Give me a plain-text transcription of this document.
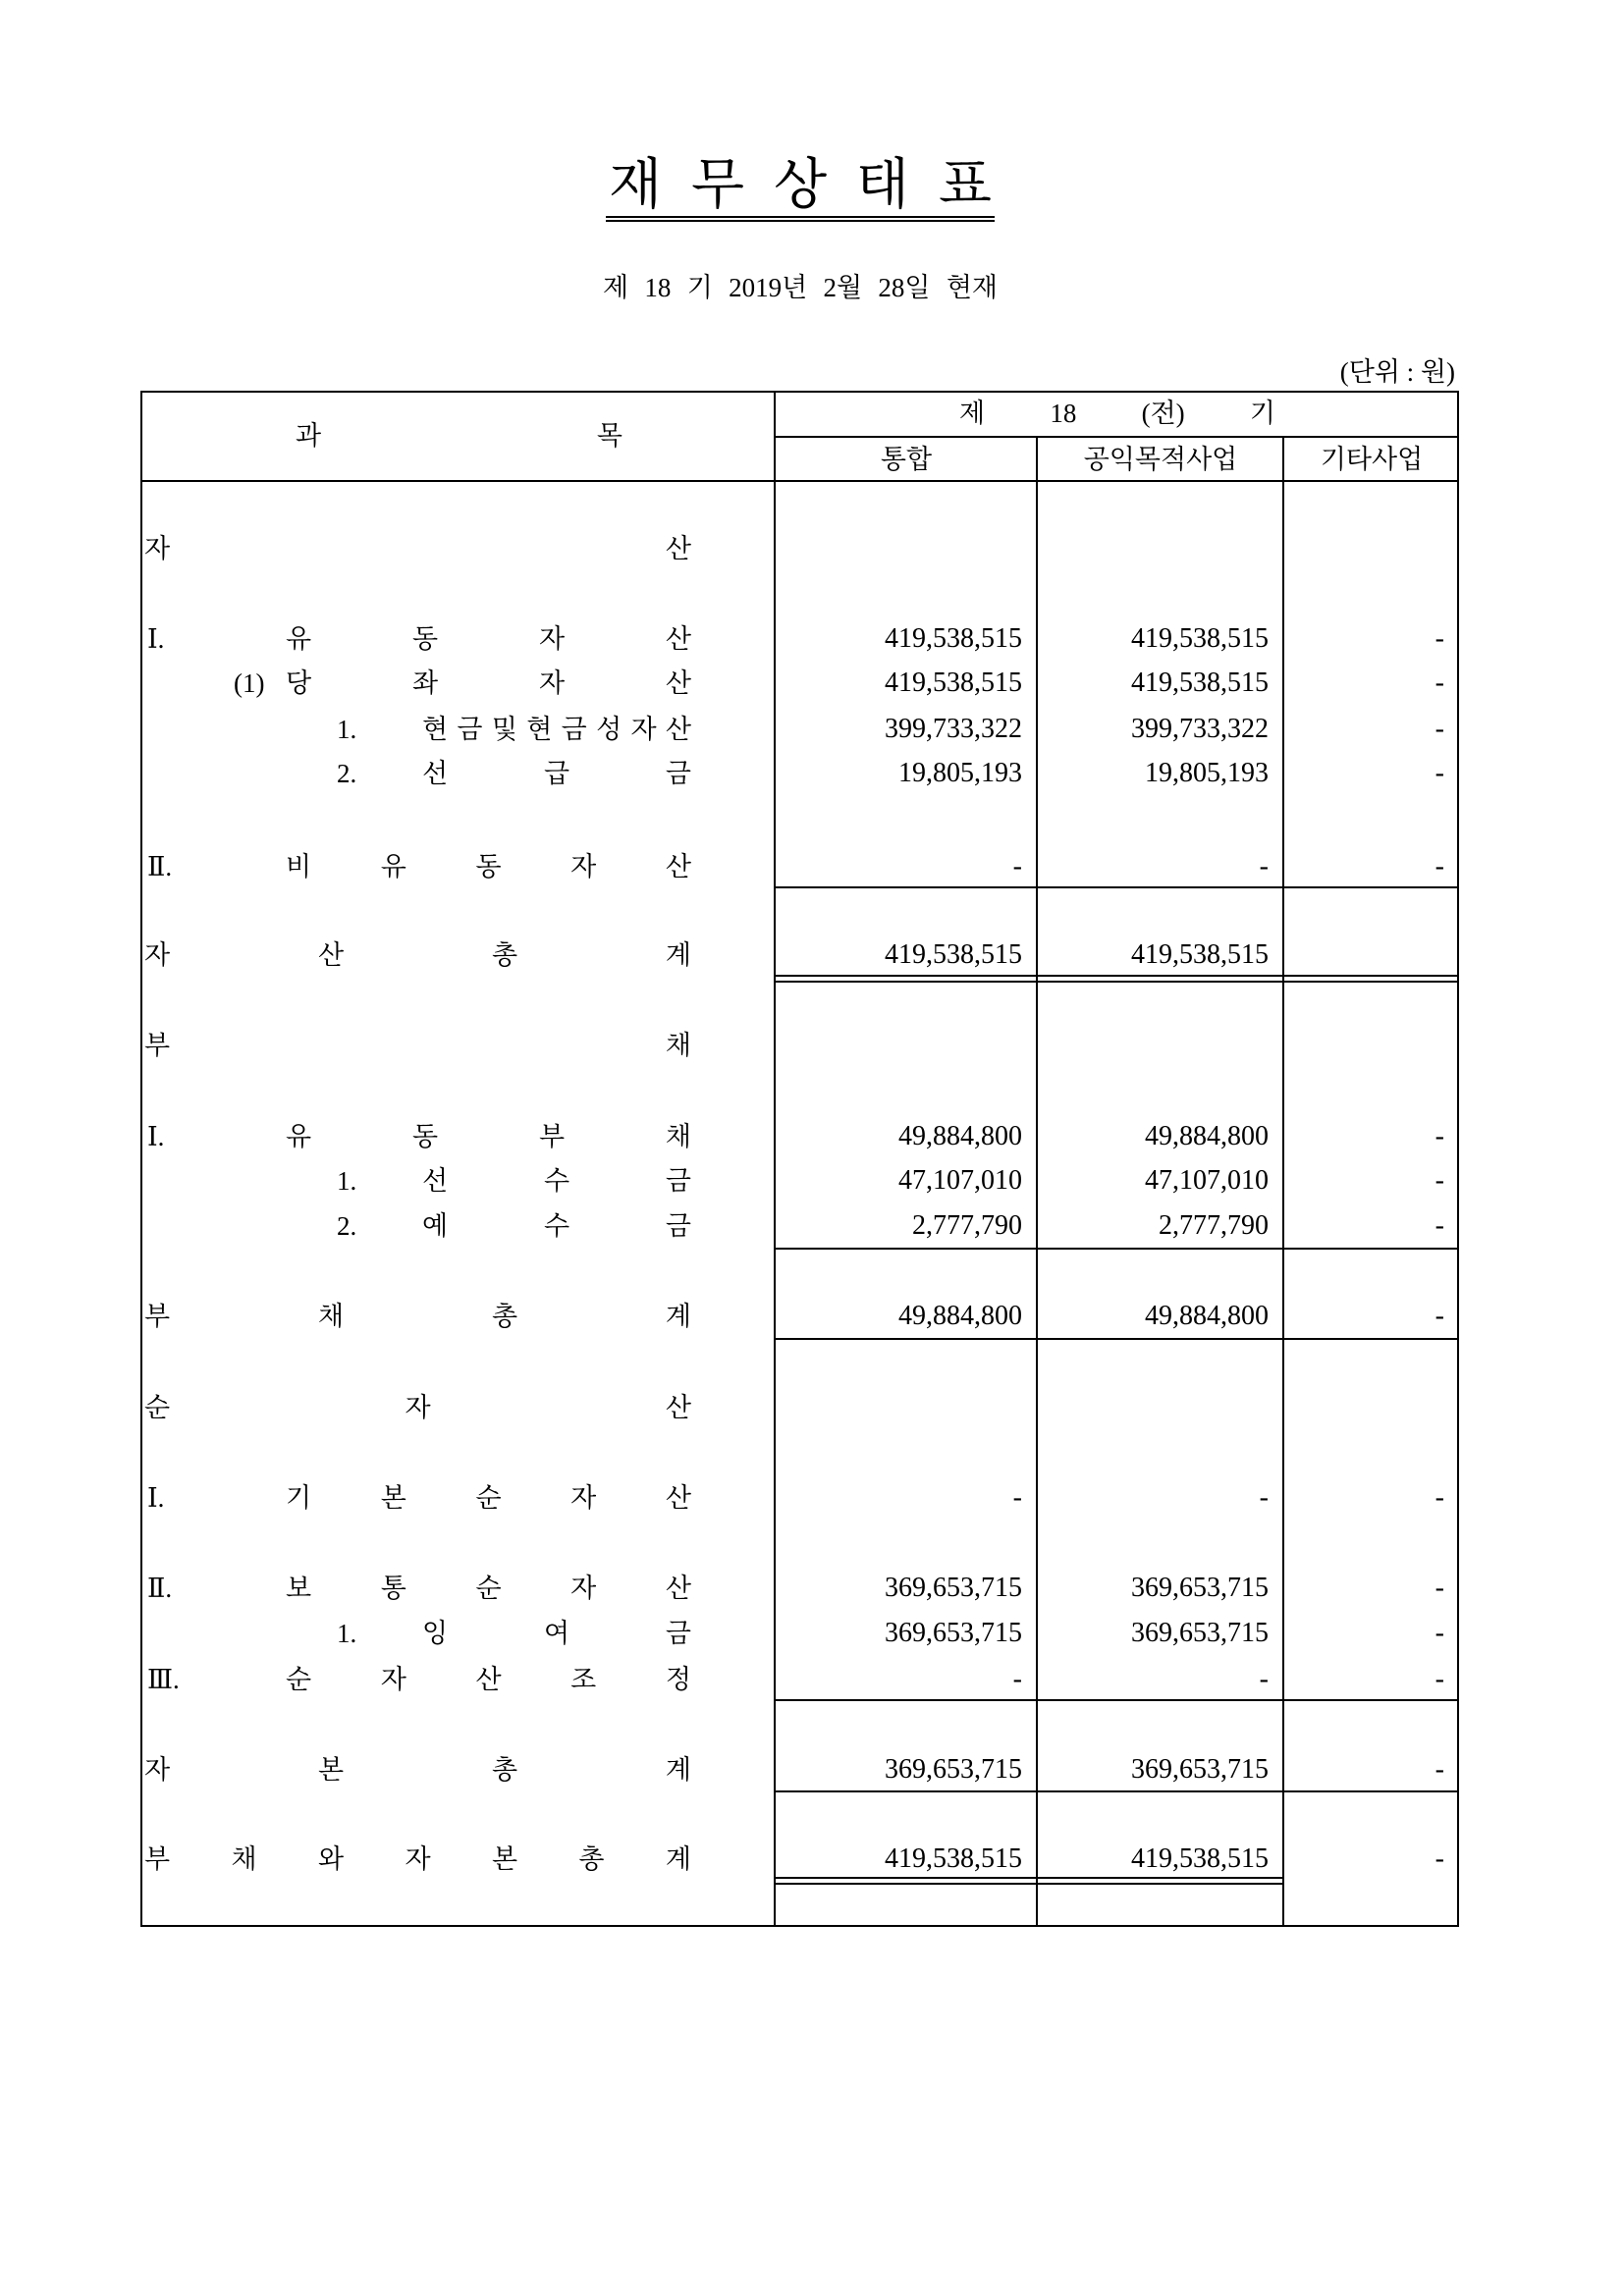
재 무 상 태 표
제 18 기 2019년 2월 28일 현재
(단위 : 원)
과 목
제 18 (전) 기
통합	공익목적사업	기타사업
자 산
Ⅰ.	유 동 자 산	419,538,515	419,538,515	-
(1) 당 좌 자 산	419,538,515	419,538,515	-
1. 현금및현금성자산	399,733,322	399,733,322	-
2. 선 급 금	19,805,193	19,805,193	-
Ⅱ.	비 유 동 자 산	-	-	-
자 산 총 계	419,538,515	419,538,515
부 채
Ⅰ.	유 동 부 채	49,884,800	49,884,800	-
1. 선 수 금	47,107,010	47,107,010	-
2. 예 수 금	2,777,790	2,777,790	-
부 채 총 계	49,884,800	49,884,800	-
순 자 산
Ⅰ.	기 본 순 자 산	-	-	-
Ⅱ.	보 통 순 자 산	369,653,715	369,653,715	-
1. 잉 여 금	369,653,715	369,653,715	-
Ⅲ.	순 자 산 조 정	-	-	-
자 본 총 계	369,653,715	369,653,715	-
부 채 와 자 본 총 계	419,538,515	419,538,515	-
